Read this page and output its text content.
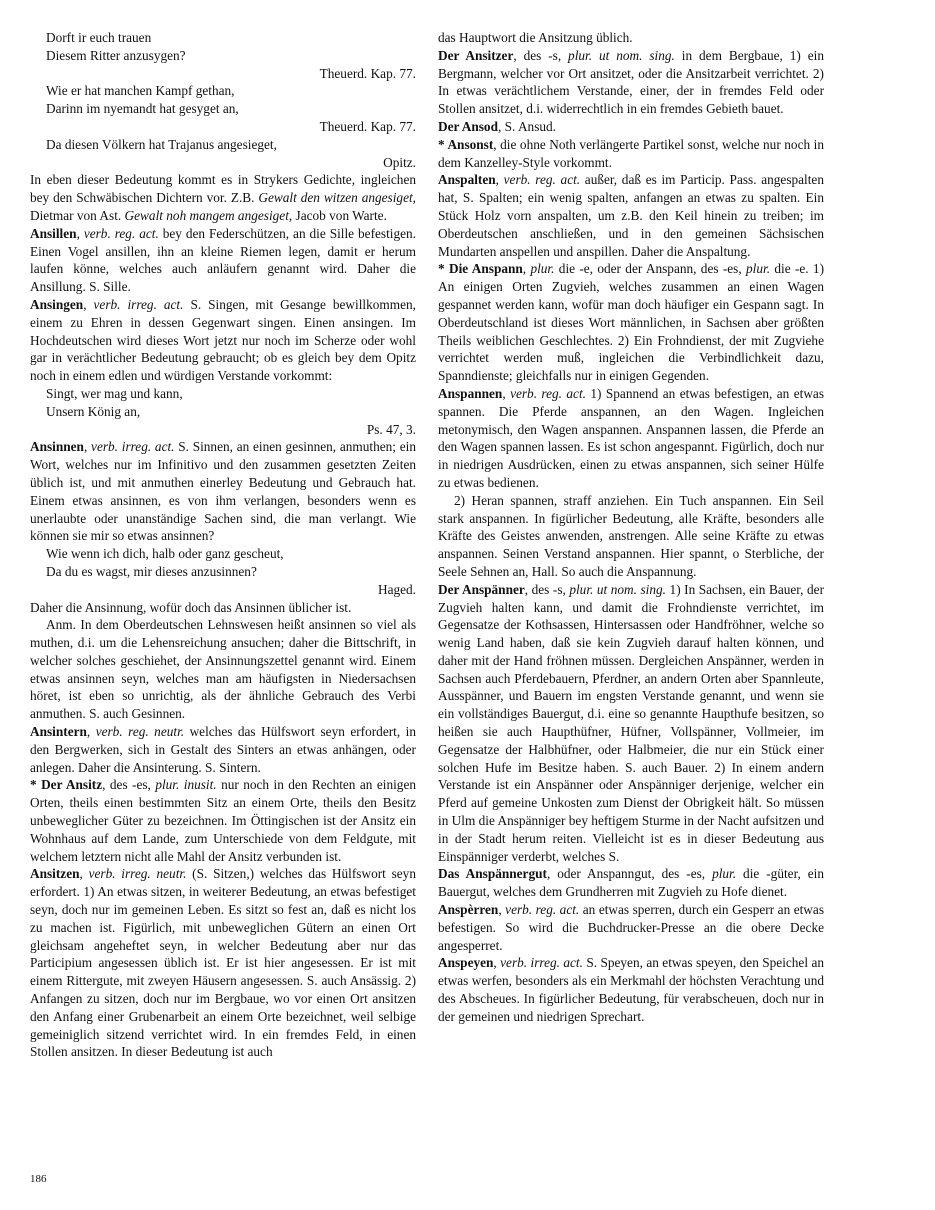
Dorft ir euch trauen
Diesem Ritter anzusygen?
Theuerd. Kap. 77.
Wie er hat manchen Kampf gethan,
Darinn im nyemandt hat gesyget an,
Theuerd. Kap. 77.
Da diesen Völkern hat Trajanus angesieget,
Opitz.
In eben dieser Bedeutung kommt es in Strykers Gedichte, ingleichen bey den Schwäbischen Dichtern vor. Z.B. Gewalt den witzen angesiget, Dietmar von Ast. Gewalt noh mangem angesiget, Jacob von Warte.
Ansillen, verb. reg. act. bey den Federschützen, an die Sille befestigen. Einen Vogel ansillen, ihn an kleine Riemen legen, damit er herum laufen könne, welches auch anläufern genannt wird. Daher die Ansillung. S. Sille.
Ansingen, verb. irreg. act. S. Singen, mit Gesange bewillkommen, einem zu Ehren in dessen Gegenwart singen. Einen ansingen. Im Hochdeutschen wird dieses Wort jetzt nur noch im Scherze oder wohl gar in verächtlicher Bedeutung gebraucht; ob es gleich bey dem Opitz noch in einem edlen und würdigen Verstande vorkommt:
Singt, wer mag und kann,
Unsern König an,
Ps. 47, 3.
Ansinnen, verb. irreg. act. S. Sinnen, an einen gesinnen, anmuthen; ein Wort, welches nur im Infinitivo und den zusammen gesetzten Zeiten üblich ist, und mit anmuthen einerley Bedeutung und Gebrauch hat. Einem etwas ansinnen, es von ihm verlangen, besonders wenn es unerlaubte oder unanständige Sachen sind, die man verlangt. Wie können sie mir so etwas ansinnen?
Wie wenn ich dich, halb oder ganz gescheut,
Da du es wagst, mir dieses anzusinnen?
Haged.
Daher die Ansinnung, wofür doch das Ansinnen üblicher ist.
Anm. In dem Oberdeutschen Lehnswesen heißt ansinnen so viel als muthen, d.i. um die Lehensreichung ansuchen; daher die Bittschrift, in welcher solches geschiehet, der Ansinnungszettel genannt wird. Einem etwas ansinnen seyn, welches man am häufigsten in Niedersachsen höret, ist eben so unrichtig, als der ähnliche Gebrauch des Verbi anmuthen. S. auch Gesinnen.
Ansintern, verb. reg. neutr. welches das Hülfswort seyn erfordert, in den Bergwerken, sich in Gestalt des Sinters an etwas anhängen, oder anlegen. Daher die Ansinterung. S. Sintern.
* Der Ansitz, des -es, plur. inusit. nur noch in den Rechten an einigen Orten, theils einen bestimmten Sitz an einem Orte, theils den Besitz unbeweglicher Güter zu bezeichnen. Im Öttingischen ist der Ansitz ein Wohnhaus auf dem Lande, zum Unterschiede von dem Feldgute, mit welchem letztern nicht alle Mahl der Ansitz verbunden ist.
Ansitzen, verb. irreg. neutr. (S. Sitzen,) welches das Hülfswort seyn erfordert. 1) An etwas sitzen, in weiterer Bedeutung, an etwas befestiget seyn, doch nur im gemeinen Leben. Es sitzt so fest an, daß es nicht los zu machen ist. Figürlich, mit unbeweglichen Gütern an einen Ort gleichsam angeheftet seyn, in welcher Bedeutung aber nur das Participium angesessen üblich ist. Er ist hier angesessen. Er ist mit einem Rittergute, mit zweyen Häusern angesessen. S. auch Ansässig. 2) Anfangen zu sitzen, doch nur im Bergbaue, wo vor einen Ort ansitzen den Anfang einer Grubenarbeit an einem Orte bezeichnet, weil selbige gemeiniglich sitzend verrichtet wird. In ein fremdes Feld, in einen Stollen ansitzen. In dieser Bedeutung ist auch
das Hauptwort die Ansitzung üblich.
Der Ansitzer, des -s, plur. ut nom. sing. in dem Bergbaue, 1) ein Bergmann, welcher vor Ort ansitzet, oder die Ansitzarbeit verrichtet. 2) In etwas verächtlichem Verstande, einer, der in fremdes Feld oder Stollen ansitzet, d.i. widerrechtlich in ein fremdes Gebieth bauet.
Der Ansod, S. Ansud.
* Ansonst, die ohne Noth verlängerte Partikel sonst, welche nur noch in dem Kanzelley-Style vorkommt.
Anspalten, verb. reg. act. außer, daß es im Particip. Pass. angespalten hat, S. Spalten; ein wenig spalten, anfangen an etwas zu spalten. Ein Stück Holz vorn anspalten, um z.B. den Keil hinein zu treiben; im Oberdeutschen anschließen, und in den gemeinen Sächsischen Mundarten anspellen und anspillen. Daher die Anspaltung.
* Die Anspann, plur. die -e, oder der Anspann, des -es, plur. die -e. 1) An einigen Orten Zugvieh, welches zusammen an einen Wagen gespannet werden kann, wofür man doch häufiger ein Gespann sagt. In Oberdeutschland ist dieses Wort männlichen, in Sachsen aber größten Theils weiblichen Geschlechtes. 2) Ein Frohndienst, der mit Zugviehe verrichtet werden muß, ingleichen die Verbindlichkeit dazu, Spanndienste; gleichfalls nur in einigen Gegenden.
Anspannen, verb. reg. act. 1) Spannend an etwas befestigen, an etwas spannen. Die Pferde anspannen, an den Wagen. Ingleichen metonymisch, den Wagen anspannen. Anspannen lassen, die Pferde an den Wagen spannen lassen. Es ist schon angespannt. Figürlich, doch nur in niedrigen Ausdrücken, einen zu etwas anspannen, sich seiner Hülfe zu etwas bedienen.
2) Heran spannen, straff anziehen. Ein Tuch anspannen. Ein Seil stark anspannen. In figürlicher Bedeutung, alle Kräfte, besonders alle Kräfte des Geistes anwenden, anstrengen. Alle seine Kräfte zu etwas anspannen. Seinen Verstand anspannen. Hier spannt, o Sterbliche, der Seele Sehnen an, Hall. So auch die Anspannung.
Der Anspänner, des -s, plur. ut nom. sing. 1) In Sachsen, ein Bauer, der Zugvieh halten kann, und damit die Frohndienste verrichtet, im Gegensatze der Kothsassen, Hintersassen oder Handfröhner, welche so wenig Land haben, daß sie kein Zugvieh darauf halten können, und daher mit der Hand fröhnen müssen. Dergleichen Anspänner, werden in Sachsen auch Pferdebauern, Pferdner, an andern Orten aber Spannleute, Ausspänner, und Bauern im engsten Verstande genannt, und wenn sie ein vollständiges Bauergut, d.i. eine so genannte Haupthufe besitzen, so heißen sie auch Haupthüfner, Hüfner, Vollspänner, Vollmeier, im Gegensatze der Halbhüfner, oder Halbmeier, die nur ein Stück einer solchen Hufe im Besitze haben. S. auch Bauer. 2) In einem andern Verstande ist ein Anspänner oder Anspänniger derjenige, welcher ein Pferd auf gemeine Unkosten zum Dienst der Obrigkeit hält. So müssen in Ulm die Anspänniger bey heftigem Sturme in der Nacht aufsitzen und in der Stadt herum reiten. Vielleicht ist es in dieser Bedeutung aus Einspänniger verderbt, welches S.
Das Anspännergut, oder Anspanngut, des -es, plur. die -güter, ein Bauergut, welches dem Grundherren mit Zugvieh zu Hofe dienet.
Anspèrren, verb. reg. act. an etwas sperren, durch ein Gesperr an etwas befestigen. So wird die Buchdrucker-Presse an die obere Decke angesperret.
Anspeyen, verb. irreg. act. S. Speyen, an etwas speyen, den Speichel an etwas werfen, besonders als ein Merkmahl der höchsten Verachtung und des Abscheues. In figürlicher Bedeutung, für verabscheuen, doch nur in der gemeinen und niedrigen Sprechart.
186
